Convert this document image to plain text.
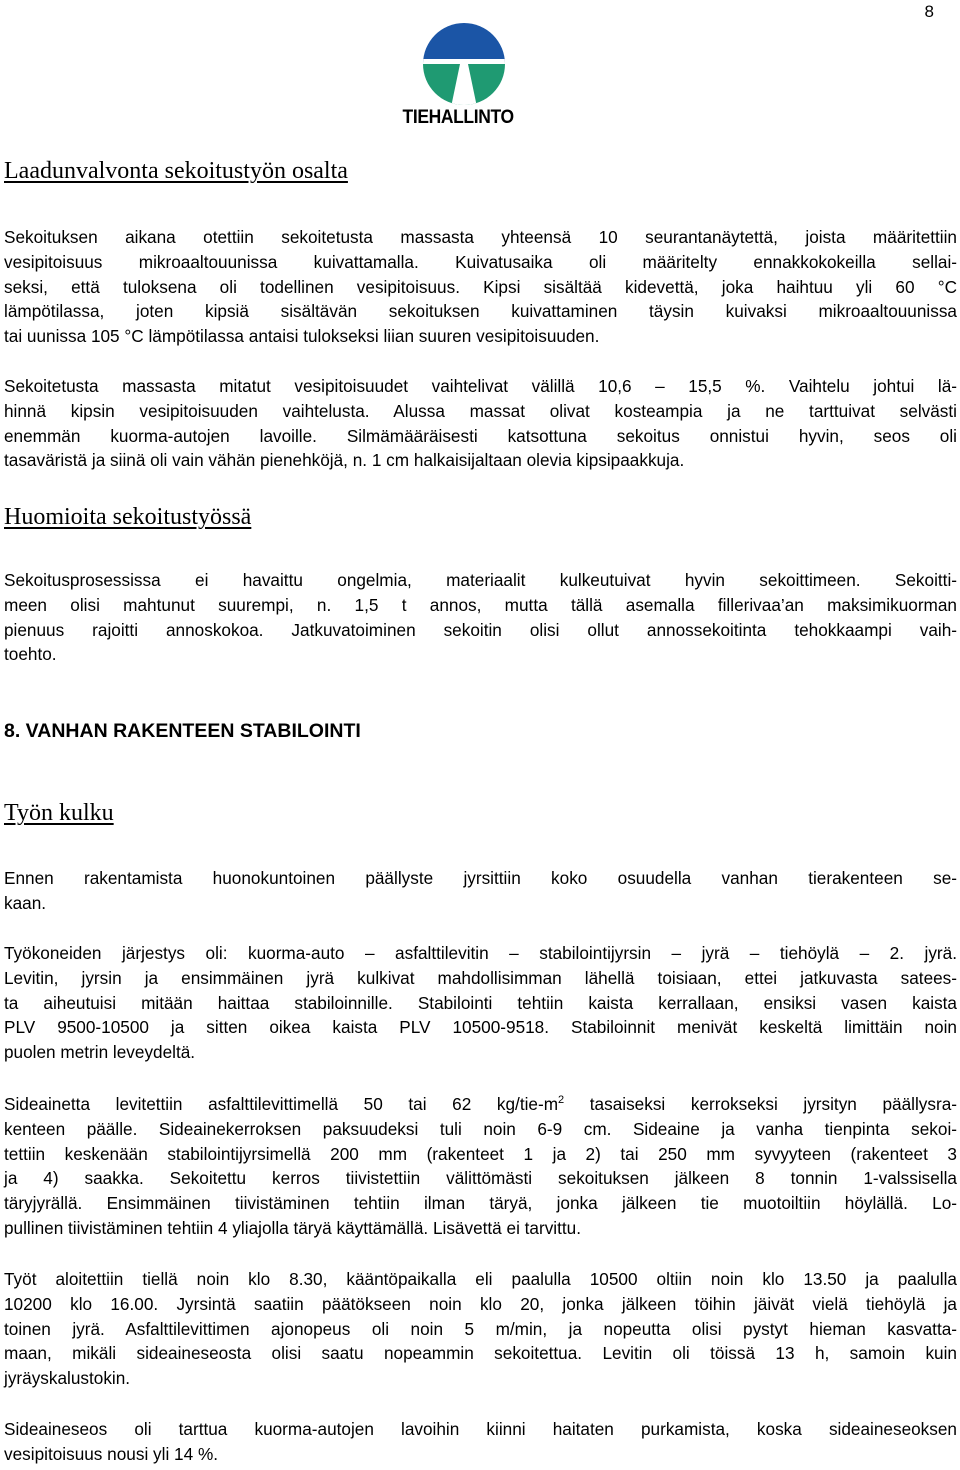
8
TIEHALLINTO
Laadunvalvonta sekoitustyön osalta
Sekoituksen aikana otettiin sekoitetusta massasta yhteensä 10 seurantanäytettä, joista määritettiin
vesipitoisuus mikroaaltouunissa kuivattamalla. Kuivatusaika oli määritelty ennakkokokeilla sellai-
seksi, että tuloksena oli todellinen vesipitoisuus. Kipsi sisältää kidevettä, joka haihtuu yli 60 °C
lämpötilassa, joten kipsiä sisältävän sekoituksen kuivattaminen täysin kuivaksi mikroaaltouunissa
tai uunissa 105 °C lämpötilassa antaisi tulokseksi liian suuren vesipitoisuuden.
Sekoitetusta massasta mitatut vesipitoisuudet vaihtelivat välillä 10,6 – 15,5 %. Vaihtelu johtui lä-
hinnä kipsin vesipitoisuuden vaihtelusta. Alussa massat olivat kosteampia ja ne tarttuivat selvästi
enemmän kuorma-autojen lavoille. Silmämääräisesti katsottuna sekoitus onnistui hyvin, seos oli
tasaväristä ja siinä oli vain vähän pienehköjä, n. 1 cm halkaisijaltaan olevia kipsipaakkuja.
Huomioita sekoitustyössä
Sekoitusprosessissa ei havaittu ongelmia, materiaalit kulkeutuivat hyvin sekoittimeen. Sekoitti-
meen olisi mahtunut suurempi, n. 1,5 t annos, mutta tällä asemalla fillerivaa’an maksimikuorman
pienuus rajoitti annoskokoa. Jatkuvatoiminen sekoitin olisi ollut annossekoitinta tehokkaampi vaih-
toehto.
8. VANHAN RAKENTEEN STABILOINTI
Työn kulku
Ennen rakentamista huonokuntoinen päällyste jyrsittiin koko osuudella vanhan tierakenteen se-
kaan.
Työkoneiden järjestys oli: kuorma-auto – asfalttilevitin – stabilointijyrsin – jyrä – tiehöylä – 2. jyrä.
Levitin, jyrsin ja ensimmäinen jyrä kulkivat mahdollisimman lähellä toisiaan, ettei jatkuvasta satees-
ta aiheutuisi mitään haittaa stabiloinnille. Stabilointi tehtiin kaista kerrallaan, ensiksi vasen kaista
PLV 9500-10500 ja sitten oikea kaista PLV 10500-9518. Stabiloinnit menivät keskeltä limittäin noin
puolen metrin leveydeltä.
Sideainetta levitettiin asfalttilevittimellä 50 tai 62 $kg/tie-m^2$ tasaiseksi kerrokseksi jyrsityn päällysra-
kenteen päälle. Sideainekerroksen paksuudeksi tuli noin 6-9 cm. Sideaine ja vanha tienpinta sekoi-
tettiin keskenään stabilointijyrsimellä 200 mm (rakenteet 1 ja 2) tai 250 mm syvyyteen (rakenteet 3
ja 4) saakka. Sekoitettu kerros tiivistettiin välittömästi sekoituksen jälkeen 8 tonnin 1-valssisella
täryjyrällä. Ensimmäinen tiivistäminen tehtiin ilman täryä, jonka jälkeen tie muotoiltiin höylällä. Lo-
pullinen tiivistäminen tehtiin 4 yliajolla täryä käyttämällä. Lisävettä ei tarvittu.
Työt aloitettiin tiellä noin klo 8.30, kääntöpaikalla eli paalulla 10500 oltiin noin klo 13.50 ja paalulla
10200 klo 16.00. Jyrsintä saatiin päätökseen noin klo 20, jonka jälkeen töihin jäivät vielä tiehöylä ja
toinen jyrä. Asfalttilevittimen ajonopeus oli noin 5 m/min, ja nopeutta olisi pystyt hieman kasvatta-
maan, mikäli sideaineseosta olisi saatu nopeammin sekoitettua. Levitin oli töissä 13 h, samoin kuin
jyräyskalustokin.
Sideaineseos oli tarttua kuorma-autojen lavoihin kiinni haitaten purkamista, koska sideaineseoksen
vesipitoisuus nousi yli 14 %.
